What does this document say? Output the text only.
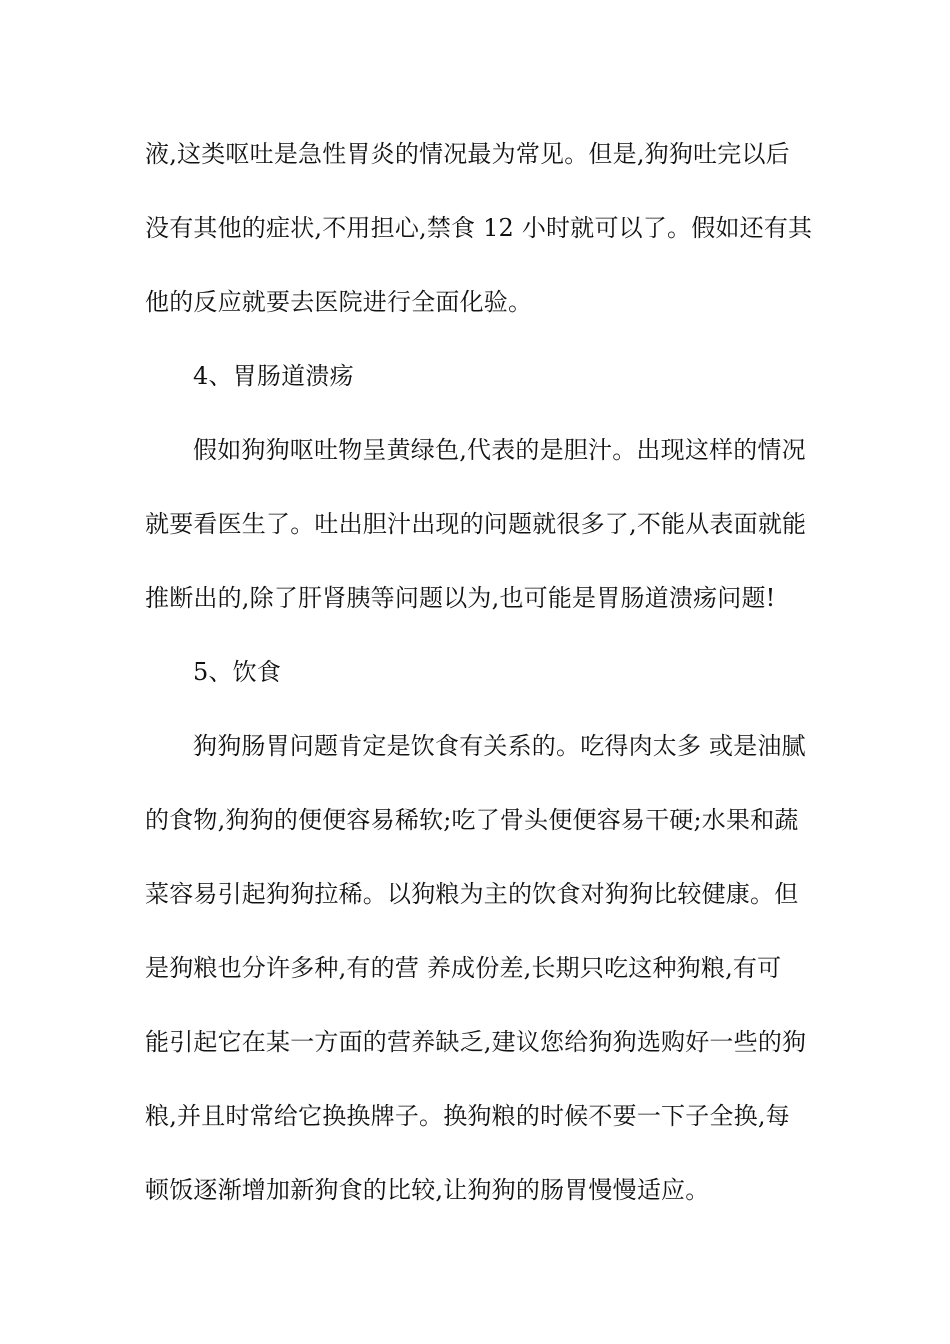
液,这类呕吐是急性胃炎的情况最为常见。但是,狗狗吐完以后
没有其他的症状,不用担心,禁食 12 小时就可以了。假如还有其
他的反应就要去医院进行全面化验。
4、胃肠道溃疡
假如狗狗呕吐物呈黄绿色,代表的是胆汁。出现这样的情况
就要看医生了。吐出胆汁出现的问题就很多了,不能从表面就能
推断出的,除了肝肾胰等问题以为,也可能是胃肠道溃疡问题!
5、饮食
狗狗肠胃问题肯定是饮食有关系的。吃得肉太多 或是油腻
的食物,狗狗的便便容易稀软;吃了骨头便便容易干硬;水果和蔬
菜容易引起狗狗拉稀。以狗粮为主的饮食对狗狗比较健康。但
是狗粮也分许多种,有的营 养成份差,长期只吃这种狗粮,有可
能引起它在某一方面的营养缺乏,建议您给狗狗选购好一些的狗
粮,并且时常给它换换牌子。换狗粮的时候不要一下子全换,每
顿饭逐渐增加新狗食的比较,让狗狗的肠胃慢慢适应。
